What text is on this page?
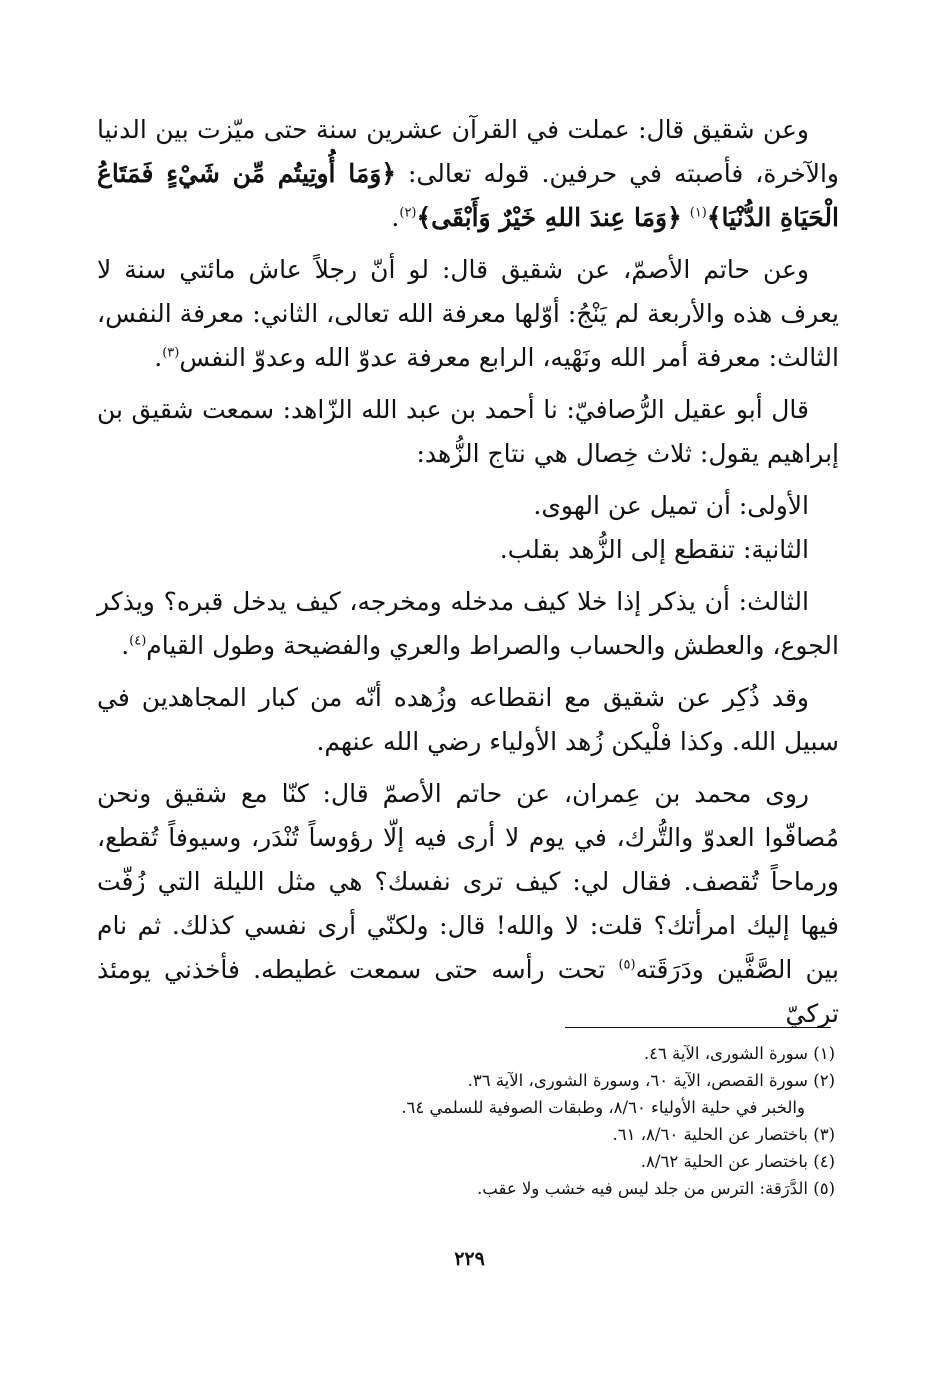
وعن شقيق قال: عملت في القرآن عشرين سنة حتى ميّزت بين الدنيا والآخرة، فأصبته في حرفين. قوله تعالى: ﴿وَمَا أُوتِيتُم مِّن شَيْءٍ فَمَتَاعُ الْحَيَاةِ الدُّنْيَا﴾$^{(١)}$ ﴿وَمَا عِندَ اللهِ خَيْرٌ وَأَبْقَى﴾$^{(٢)}$.

وعن حاتم الأصمّ، عن شقيق قال: لو أنّ رجلاً عاش مائتي سنة لا يعرف هذه والأربعة لم يَنْجُ: أوّلها معرفة الله تعالى، الثاني: معرفة النفس، الثالث: معرفة أمر الله ونَهْيه، الرابع معرفة عدوّ الله وعدوّ النفس$^{(٣)}$.

قال أبو عقيل الرُّصافيّ: نا أحمد بن عبد الله الزّاهد: سمعت شقيق بن إبراهيم يقول: ثلاث خِصال هي نتاج الزُّهد:

الأولى: أن تميل عن الهوى.

الثانية: تنقطع إلى الزُّهد بقلب.

الثالث: أن يذكر إذا خلا كيف مدخله ومخرجه، كيف يدخل قبره؟ ويذكر الجوع، والعطش والحساب والصراط والعري والفضيحة وطول القيام$^{(٤)}$.

وقد ذُكِر عن شقيق مع انقطاعه وزُهده أنّه من كبار المجاهدين في سبيل الله. وكذا فلْيكن زُهد الأولياء رضي الله عنهم.

روى محمد بن عِمران، عن حاتم الأصمّ قال: كنّا مع شقيق ونحن مُصافّوا العدوّ والتُّرك، في يوم لا أرى فيه إلّا رؤوساً تُنْدَر، وسيوفاً تُقطع، ورماحاً تُقصف. فقال لي: كيف ترى نفسك؟ هي مثل الليلة التي زُفّت فيها إليك امرأتك؟ قلت: لا والله! قال: ولكنّي أرى نفسي كذلك. ثم نام بين الصَّفَّين ودَرَقَته$^{(٥)}$ تحت رأسه حتى سمعت غطيطه. فأخذني يومئذ تركيّ

(١) سورة الشورى، الآية ٤٦.

(٢) سورة القصص، الآية ٦٠، وسورة الشورى، الآية ٣٦.

والخبر في حلية الأولياء ٨/٦٠، وطبقات الصوفية للسلمي ٦٤.

(٣) باختصار عن الحلية ٨/٦٠، ٦١.

(٤) باختصار عن الحلية ٨/٦٢.

(٥) الدَّرَقة: الترس من جلد ليس فيه خشب ولا عقب.

٢٢٩
